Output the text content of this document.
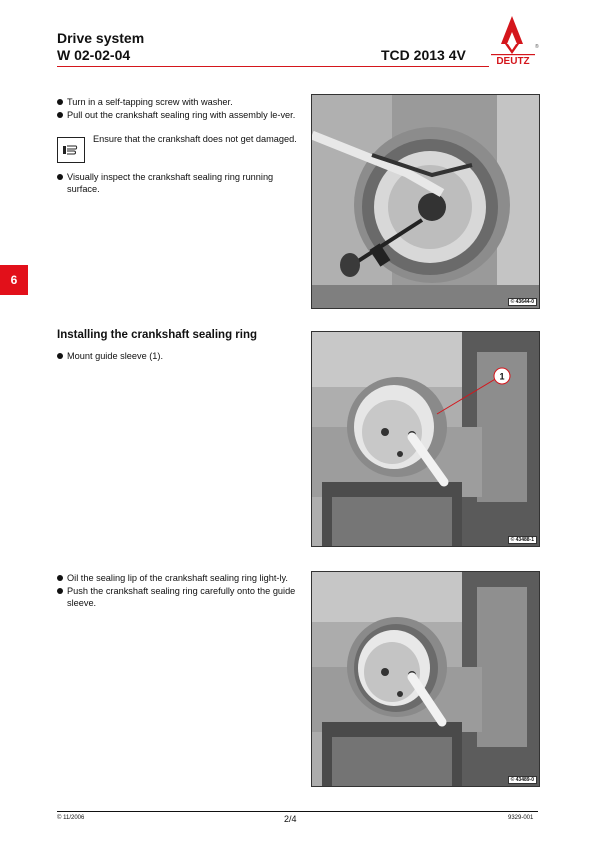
Drive system
W 02-02-04	TCD 2013 4V	DEUTZ
®
6
Turn in a self-tapping screw with washer.
Pull out the crankshaft sealing ring with assembly le-ver.
Ensure that the crankshaft does not get damaged.
Visually inspect the crankshaft sealing ring running surface.
© 43644-0
Installing the crankshaft sealing ring
Mount guide sleeve (1).
1
© 43488-1
Oil the sealing lip of the crankshaft sealing ring light-ly.
Push the crankshaft sealing ring carefully onto the guide sleeve.
© 43489-0
© 11/2006	2/4	9329-001
